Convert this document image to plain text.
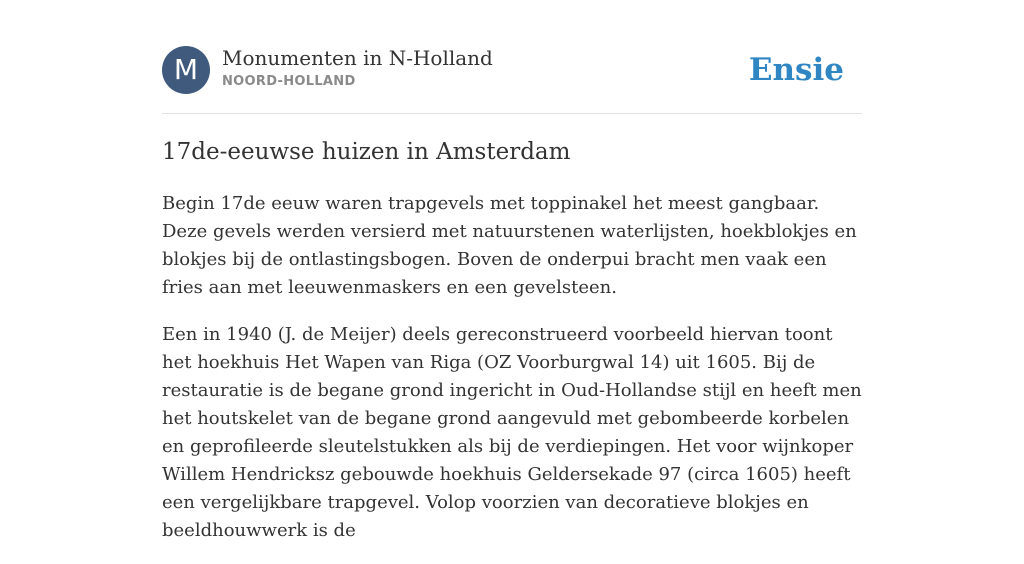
M	Monumenten in N-Holland
NOORD-HOLLAND	Ensie
17de-eeuwse huizen in Amsterdam

Begin 17de eeuw waren trapgevels met toppinakel het meest gangbaar. Deze gevels werden versierd met natuurstenen waterlijsten, hoekblokjes en blokjes bij de ontlastingsbogen. Boven de onderpui bracht men vaak een fries aan met leeuwenmaskers en een gevelsteen.

Een in 1940 (J. de Meijer) deels gereconstrueerd voorbeeld hiervan toont het hoekhuis Het Wapen van Riga (OZ Voorburgwal 14) uit 1605. Bij de restauratie is de begane grond ingericht in Oud-Hollandse stijl en heeft men het houtskelet van de begane grond aangevuld met gebombeerde korbelen en geprofileerde sleutelstukken als bij de verdiepingen. Het voor wijnkoper Willem Hendricksz gebouwde hoekhuis Geldersekade 97 (circa 1605) heeft een vergelijkbare trapgevel. Volop voorzien van decoratieve blokjes en beeldhouwwerk is de
